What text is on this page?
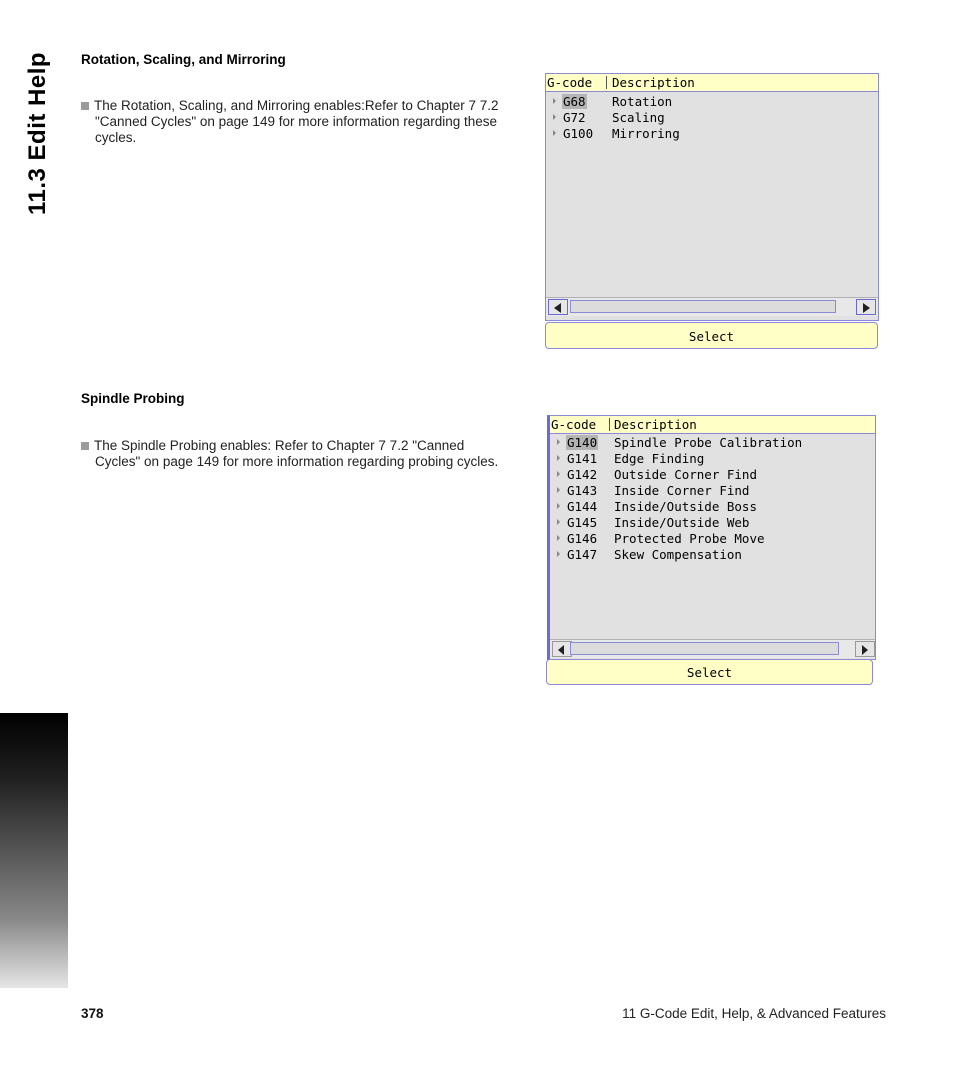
11.3 Edit Help Rotation, Scaling, and Mirroring
The Rotation, Scaling, and Mirroring enables:Refer to Chapter 7 7.2
"Canned Cycles" on page 149 for more information regarding these
cycles.
G-code Description
G68 Rotation
G72 Scaling
G100 Mirroring
Select
Spindle Probing
The Spindle Probing enables: Refer to Chapter 7 7.2 "Canned
Cycles" on page 149 for more information regarding probing cycles.
G-code Description
G140 Spindle Probe Calibration
G141 Edge Finding
G142 Outside Corner Find
G143 Inside Corner Find
G144 Inside/Outside Boss
G145 Inside/Outside Web
G146 Protected Probe Move
G147 Skew Compensation
Select
378	11 G-Code Edit, Help, & Advanced Features
